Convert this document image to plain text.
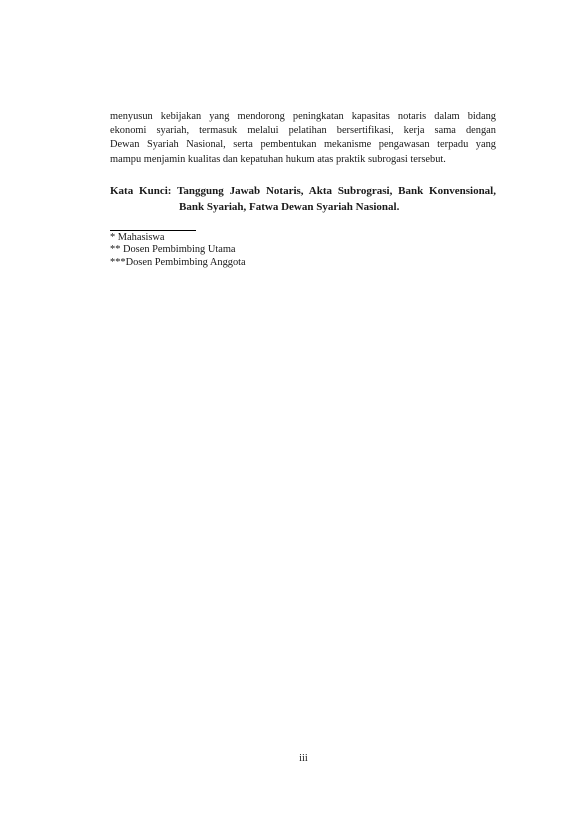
menyusun kebijakan yang mendorong peningkatan kapasitas notaris dalam bidang
ekonomi syariah, termasuk melalui pelatihan bersertifikasi, kerja sama dengan
Dewan Syariah Nasional, serta pembentukan mekanisme pengawasan terpadu yang
mampu menjamin kualitas dan kepatuhan hukum atas praktik subrogasi tersebut.

Kata Kunci: Tanggung Jawab Notaris, Akta Subrograsi, Bank Konvensional,
Bank Syariah, Fatwa Dewan Syariah Nasional.
* Mahasiswa
** Dosen Pembimbing Utama
***Dosen Pembimbing Anggota
iii
